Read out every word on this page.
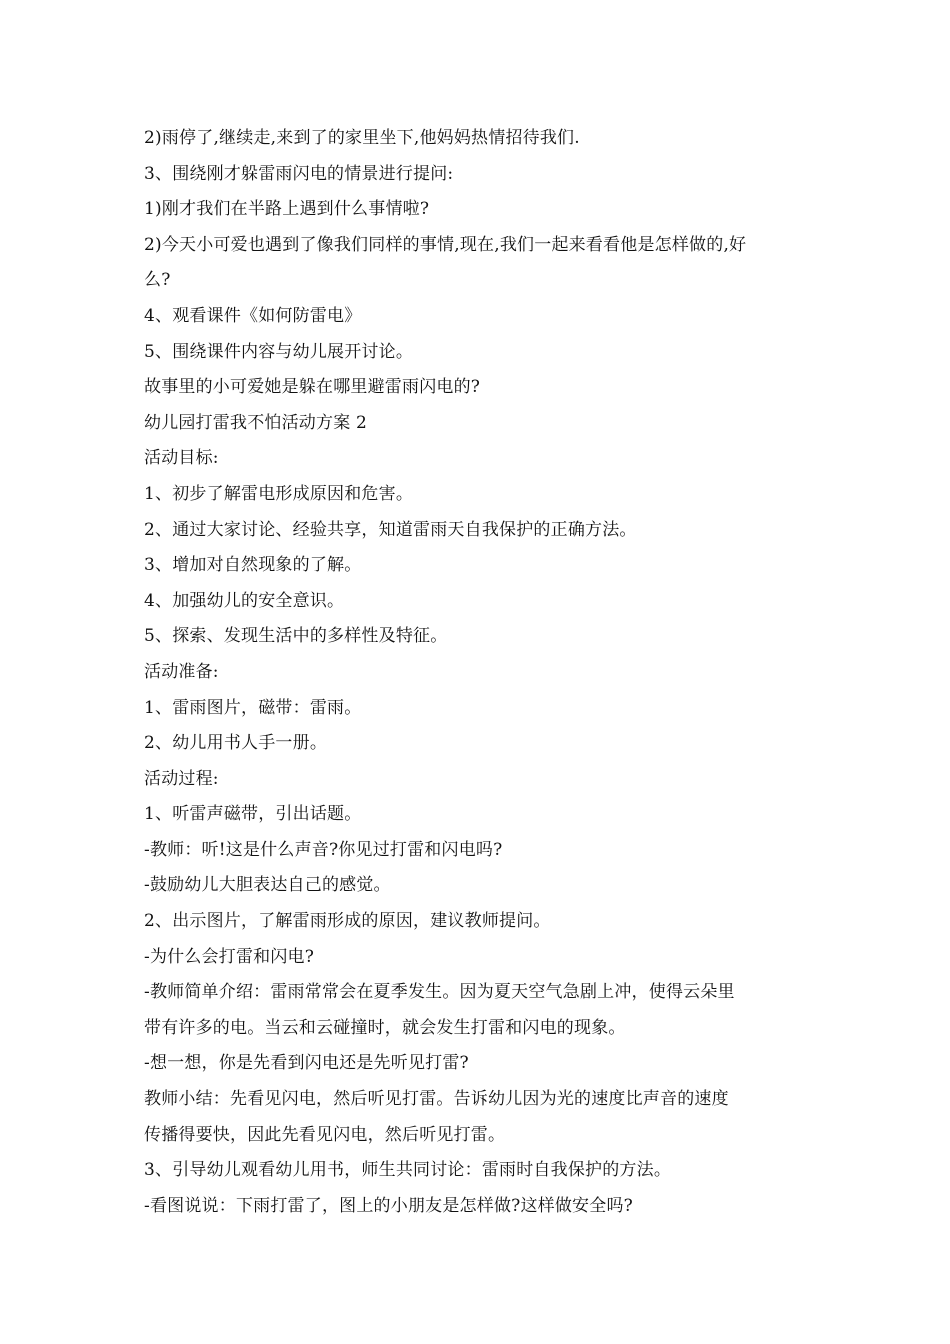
2)雨停了,继续走,来到了的家里坐下,他妈妈热情招待我们.
3、围绕刚才躲雷雨闪电的情景进行提问:
1)刚才我们在半路上遇到什么事情啦?
2)今天小可爱也遇到了像我们同样的事情,现在,我们一起来看看他是怎样做的,好
么?
4、观看课件《如何防雷电》
5、围绕课件内容与幼儿展开讨论。
故事里的小可爱她是躲在哪里避雷雨闪电的?
幼儿园打雷我不怕活动方案 2
活动目标:
1、初步了解雷电形成原因和危害。
2、通过大家讨论、经验共享，知道雷雨天自我保护的正确方法。
3、增加对自然现象的了解。
4、加强幼儿的安全意识。
5、探索、发现生活中的多样性及特征。
活动准备:
1、雷雨图片，磁带：雷雨。
2、幼儿用书人手一册。
活动过程:
1、听雷声磁带，引出话题。
-教师：听!这是什么声音?你见过打雷和闪电吗?
-鼓励幼儿大胆表达自己的感觉。
2、出示图片，了解雷雨形成的原因，建议教师提问。
-为什么会打雷和闪电?
-教师简单介绍：雷雨常常会在夏季发生。因为夏天空气急剧上冲，使得云朵里
带有许多的电。当云和云碰撞时，就会发生打雷和闪电的现象。
-想一想，你是先看到闪电还是先听见打雷?
教师小结：先看见闪电，然后听见打雷。告诉幼儿因为光的速度比声音的速度
传播得要快，因此先看见闪电，然后听见打雷。
3、引导幼儿观看幼儿用书，师生共同讨论：雷雨时自我保护的方法。
-看图说说：下雨打雷了，图上的小朋友是怎样做?这样做安全吗?
